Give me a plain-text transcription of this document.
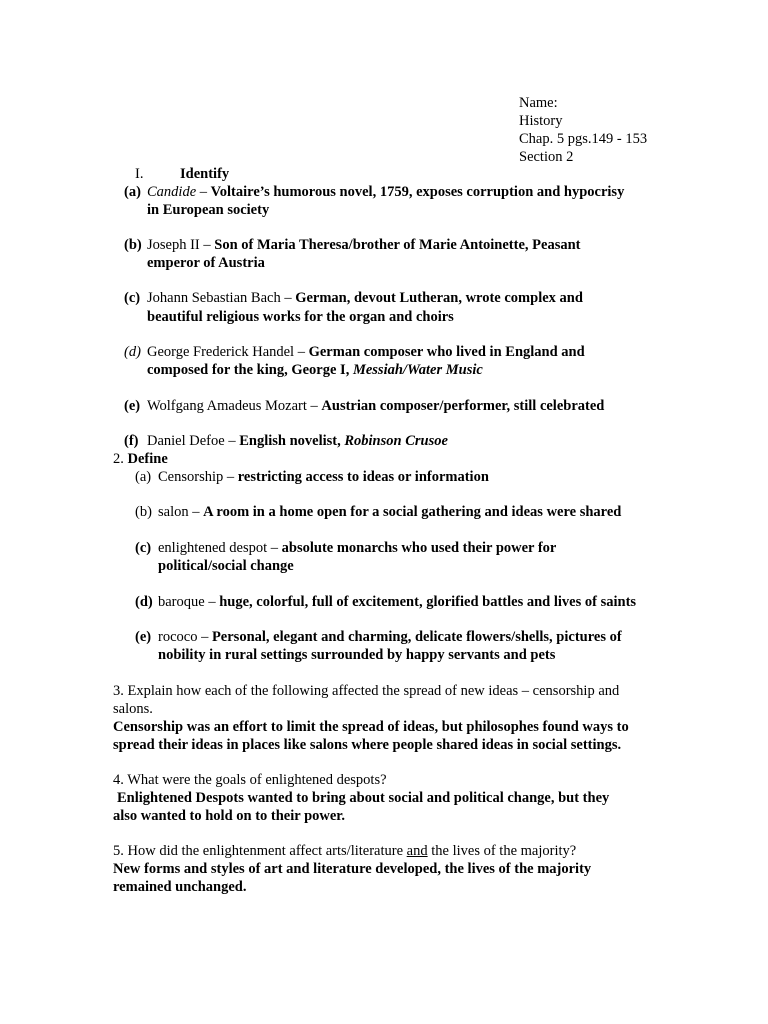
Name:
History
Chap. 5 pgs.149 - 153
Section 2
I.	Identify
(a) Candide – Voltaire’s humorous novel, 1759, exposes corruption and hypocrisy
in European society
(b) Joseph II – Son of Maria Theresa/brother of Marie Antoinette, Peasant
emperor of Austria
(c) Johann Sebastian Bach – German, devout Lutheran, wrote complex and
beautiful religious works for the organ and choirs
(d) George Frederick Handel – German composer who lived in England and
composed for the king, George I, Messiah/Water Music
(e) Wolfgang Amadeus Mozart – Austrian composer/performer, still celebrated
(f) Daniel Defoe – English novelist, Robinson Crusoe
2. Define
(a) Censorship – restricting access to ideas or information
(b) salon – A room in a home open for a social gathering and ideas were shared
(c) enlightened despot – absolute monarchs who used their power for
political/social change
(d) baroque – huge, colorful, full of excitement, glorified battles and lives of saints
(e) rococo – Personal, elegant and charming, delicate flowers/shells, pictures of
nobility in rural settings surrounded by happy servants and pets
3. Explain how each of the following affected the spread of new ideas – censorship and
salons.
Censorship was an effort to limit the spread of ideas, but philosophes found ways to
spread their ideas in places like salons where people shared ideas in social settings.
4. What were the goals of enlightened despots?
Enlightened Despots wanted to bring about social and political change, but they
also wanted to hold on to their power.
5. How did the enlightenment affect arts/literature and the lives of the majority?
New forms and styles of art and literature developed, the lives of the majority
remained unchanged.
